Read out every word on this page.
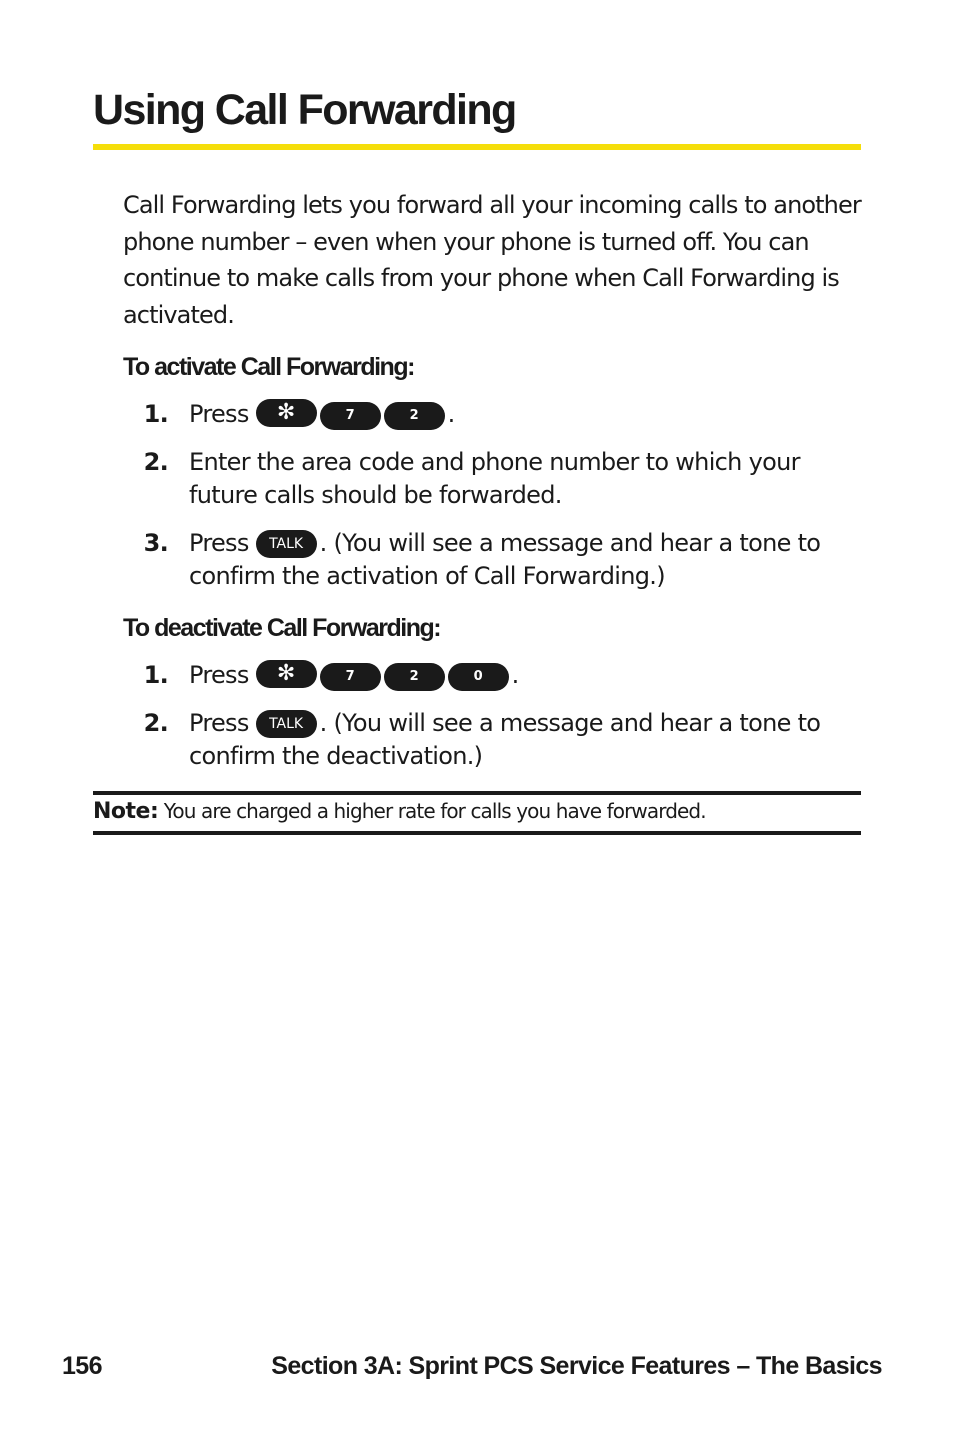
Using Call Forwarding

Call Forwarding lets you forward all your incoming calls to another phone number – even when your phone is turned off. You can continue to make calls from your phone when Call Forwarding is activated.

To activate Call Forwarding:
1. Press ✻	7	2 .
2. Enter the area code and phone number to which your future calls should be forwarded.
3. Press TALK . (You will see a message and hear a tone to confirm the activation of Call Forwarding.)
To deactivate Call Forwarding:
1. Press ✻	7	2	0 .
2. Press TALK . (You will see a message and hear a tone to confirm the deactivation.)

Note: You are charged a higher rate for calls you have forwarded.

156	Section 3A: Sprint PCS Service Features – The Basics
